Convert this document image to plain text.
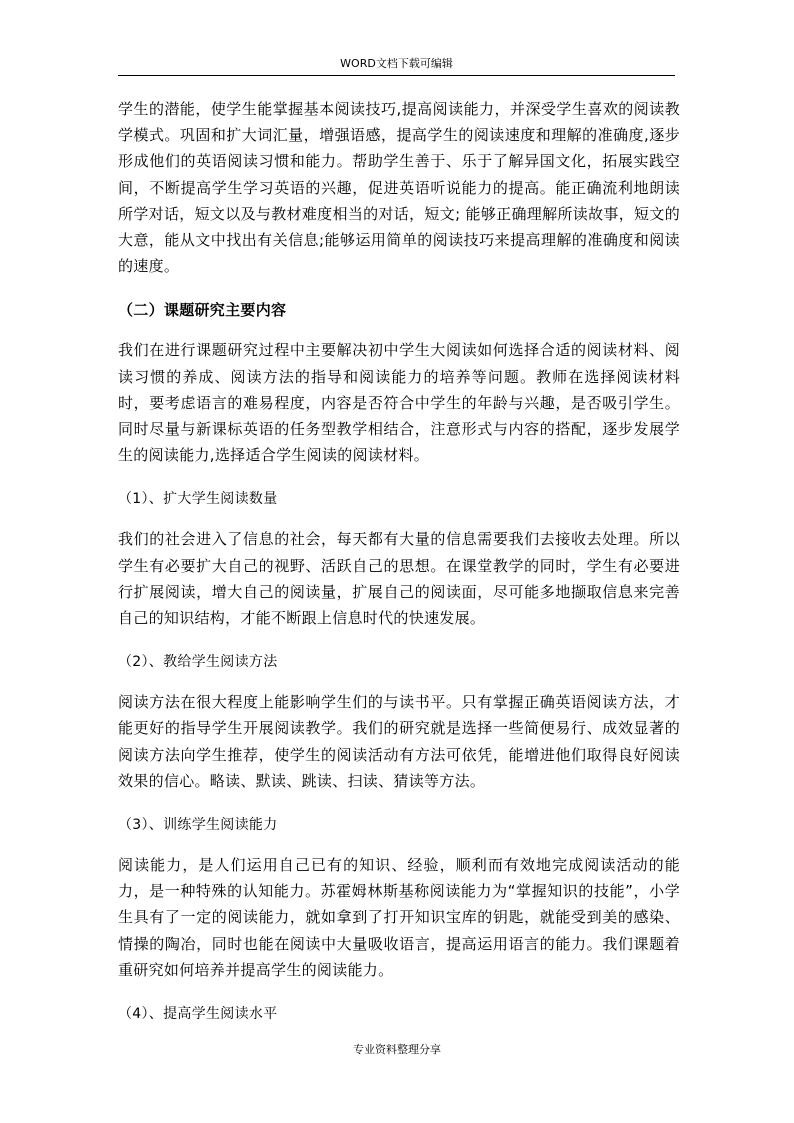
WORD文档下载可编辑

学生的潜能，使学生能掌握基本阅读技巧,提高阅读能力，并深受学生喜欢的阅读教学模式。巩固和扩大词汇量，增强语感，提高学生的阅读速度和理解的准确度,逐步形成他们的英语阅读习惯和能力。帮助学生善于、乐于了解异国文化，拓展实践空间，不断提高学生学习英语的兴趣，促进英语听说能力的提高。能正确流利地朗读所学对话，短文以及与教材难度相当的对话，短文; 能够正确理解所读故事，短文的大意，能从文中找出有关信息;能够运用简单的阅读技巧来提高理解的准确度和阅读的速度。

（二）课题研究主要内容

我们在进行课题研究过程中主要解决初中学生大阅读如何选择合适的阅读材料、阅读习惯的养成、阅读方法的指导和阅读能力的培养等问题。教师在选择阅读材料时，要考虑语言的难易程度，内容是否符合中学生的年龄与兴趣，是否吸引学生。同时尽量与新课标英语的任务型教学相结合，注意形式与内容的搭配，逐步发展学生的阅读能力,选择适合学生阅读的阅读材料。

（1）、扩大学生阅读数量

我们的社会进入了信息的社会，每天都有大量的信息需要我们去接收去处理。所以学生有必要扩大自己的视野、活跃自己的思想。在课堂教学的同时，学生有必要进行扩展阅读，增大自己的阅读量，扩展自己的阅读面，尽可能多地撷取信息来完善自己的知识结构，才能不断跟上信息时代的快速发展。

（2）、教给学生阅读方法

阅读方法在很大程度上能影响学生们的与读书平。只有掌握正确英语阅读方法，才能更好的指导学生开展阅读教学。我们的研究就是选择一些简便易行、成效显著的阅读方法向学生推荐，使学生的阅读活动有方法可依凭，能增进他们取得良好阅读效果的信心。略读、默读、跳读、扫读、猜读等方法。

（3）、训练学生阅读能力

阅读能力，是人们运用自己已有的知识、经验，顺利而有效地完成阅读活动的能力，是一种特殊的认知能力。苏霍姆林斯基称阅读能力为“掌握知识的技能”，小学生具有了一定的阅读能力，就如拿到了打开知识宝库的钥匙，就能受到美的感染、情操的陶冶，同时也能在阅读中大量吸收语言，提高运用语言的能力。我们课题着重研究如何培养并提高学生的阅读能力。

（4）、提高学生阅读水平

专业资料整理分享
